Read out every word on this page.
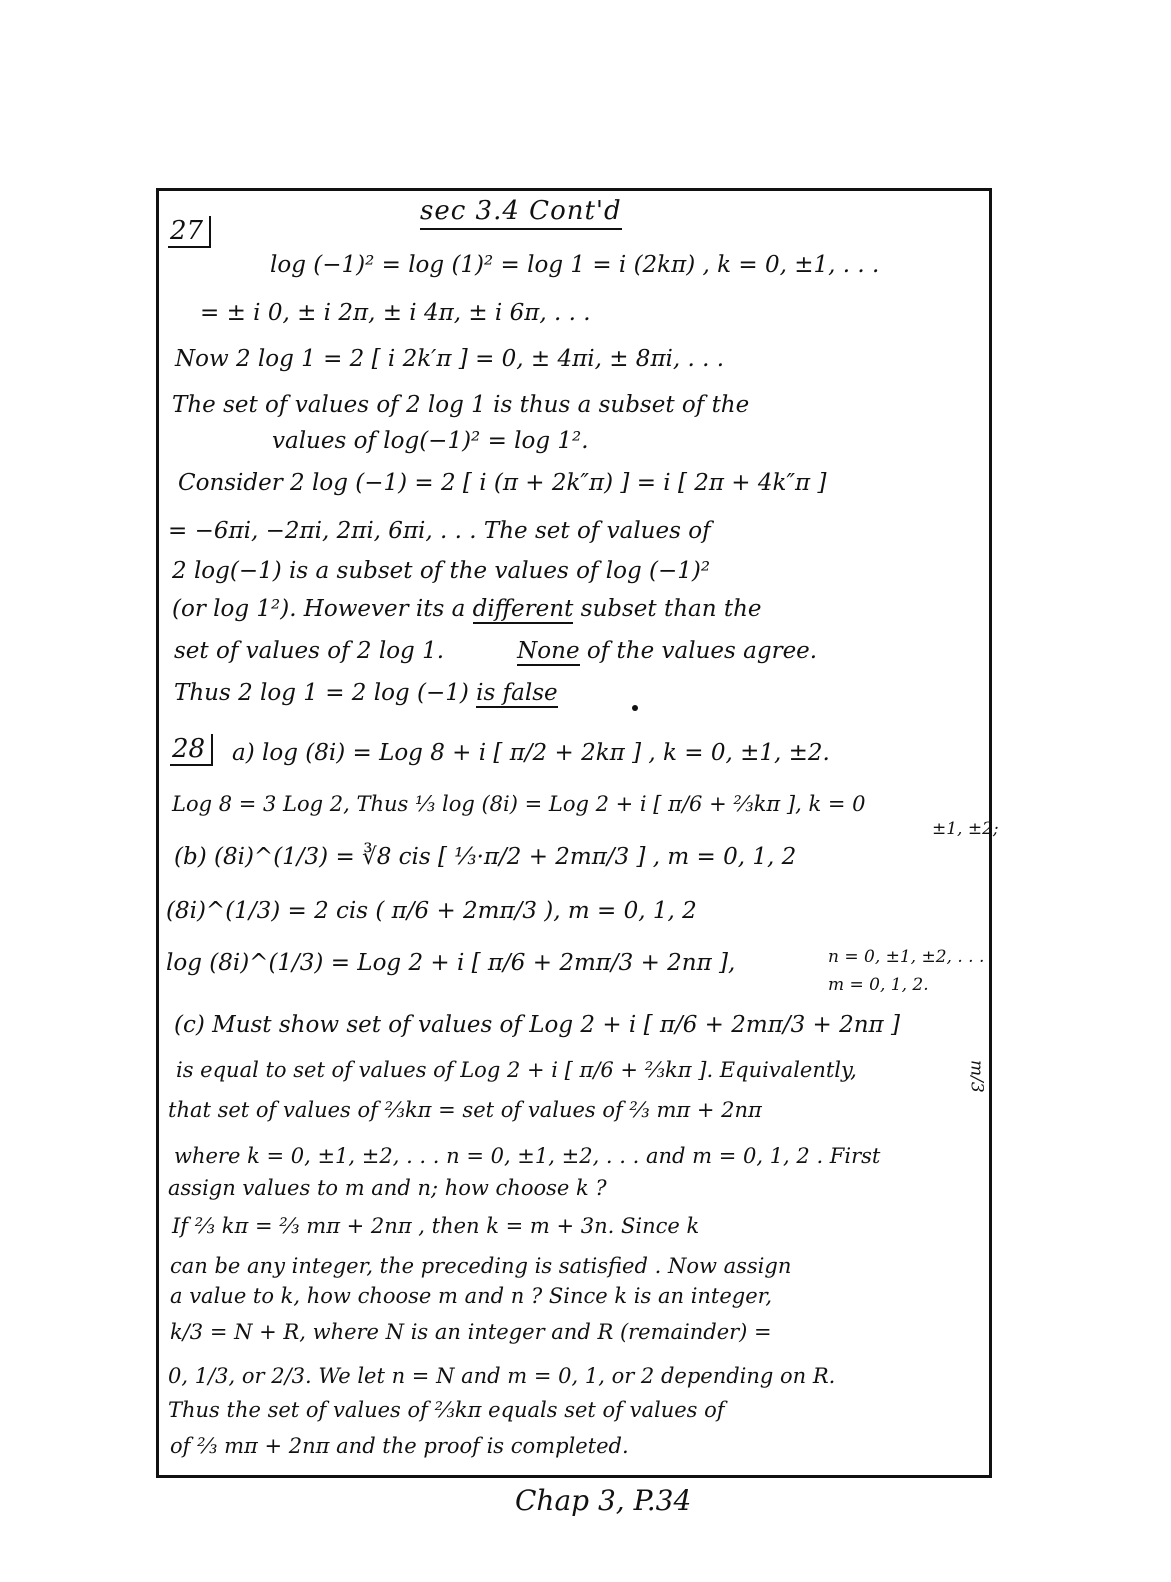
27
sec 3.4 Cont'd
log (−1)² = log (1)² = log 1 = i (2kπ) , k = 0, ±1, . . .
= ± i 0, ± i 2π, ± i 4π, ± i 6π, . . .
Now 2 log 1 = 2 [ i 2k′π ] = 0, ± 4πi, ± 8πi, . . .
The set of values of 2 log 1 is thus a subset of the
values of log(−1)² = log 1².
Consider 2 log (−1) = 2 [ i (π + 2k″π) ] = i [ 2π + 4k″π ]
= −6πi, −2πi, 2πi, 6πi, . . . The set of values of
2 log(−1) is a subset of the values of log (−1)²
(or log 1²). However its a different subset than the
set of values of 2 log 1.	None of the values agree.
Thus 2 log 1 = 2 log (−1) is false
28	a) log (8i) = Log 8 + i [ π/2 + 2kπ ] , k = 0, ±1, ±2.
Log 8 = 3 Log 2, Thus ⅓ log (8i) = Log 2 + i [ π/6 + ⅔kπ ], k = 0
±1, ±2;
(b) (8i)^(1/3) = ∛8 cis [ ⅓·π/2 + 2mπ/3 ] , m = 0, 1, 2
(8i)^(1/3) = 2 cis ( π/6 + 2mπ/3 ), m = 0, 1, 2
log (8i)^(1/3) = Log 2 + i [ π/6 + 2mπ/3 + 2nπ ],	n = 0, ±1, ±2, . . .
m = 0, 1, 2.
(c) Must show set of values of Log 2 + i [ π/6 + 2mπ/3 + 2nπ ]
is equal to set of values of Log 2 + i [ π/6 + ⅔kπ ]. Equivalently,	m/3
that set of values of ⅔kπ = set of values of ⅔ mπ + 2nπ
where k = 0, ±1, ±2, . . . n = 0, ±1, ±2, . . . and m = 0, 1, 2 . First
assign values to m and n; how choose k ?
If ⅔ kπ = ⅔ mπ + 2nπ , then k = m + 3n. Since k
can be any integer, the preceding is satisfied . Now assign
a value to k, how choose m and n ? Since k is an integer,
k/3 = N + R, where N is an integer and R (remainder) =
0, 1/3, or 2/3. We let n = N and m = 0, 1, or 2 depending on R.
Thus the set of values of ⅔kπ equals set of values of
of ⅔ mπ + 2nπ and the proof is completed.
Chap 3, P.34
